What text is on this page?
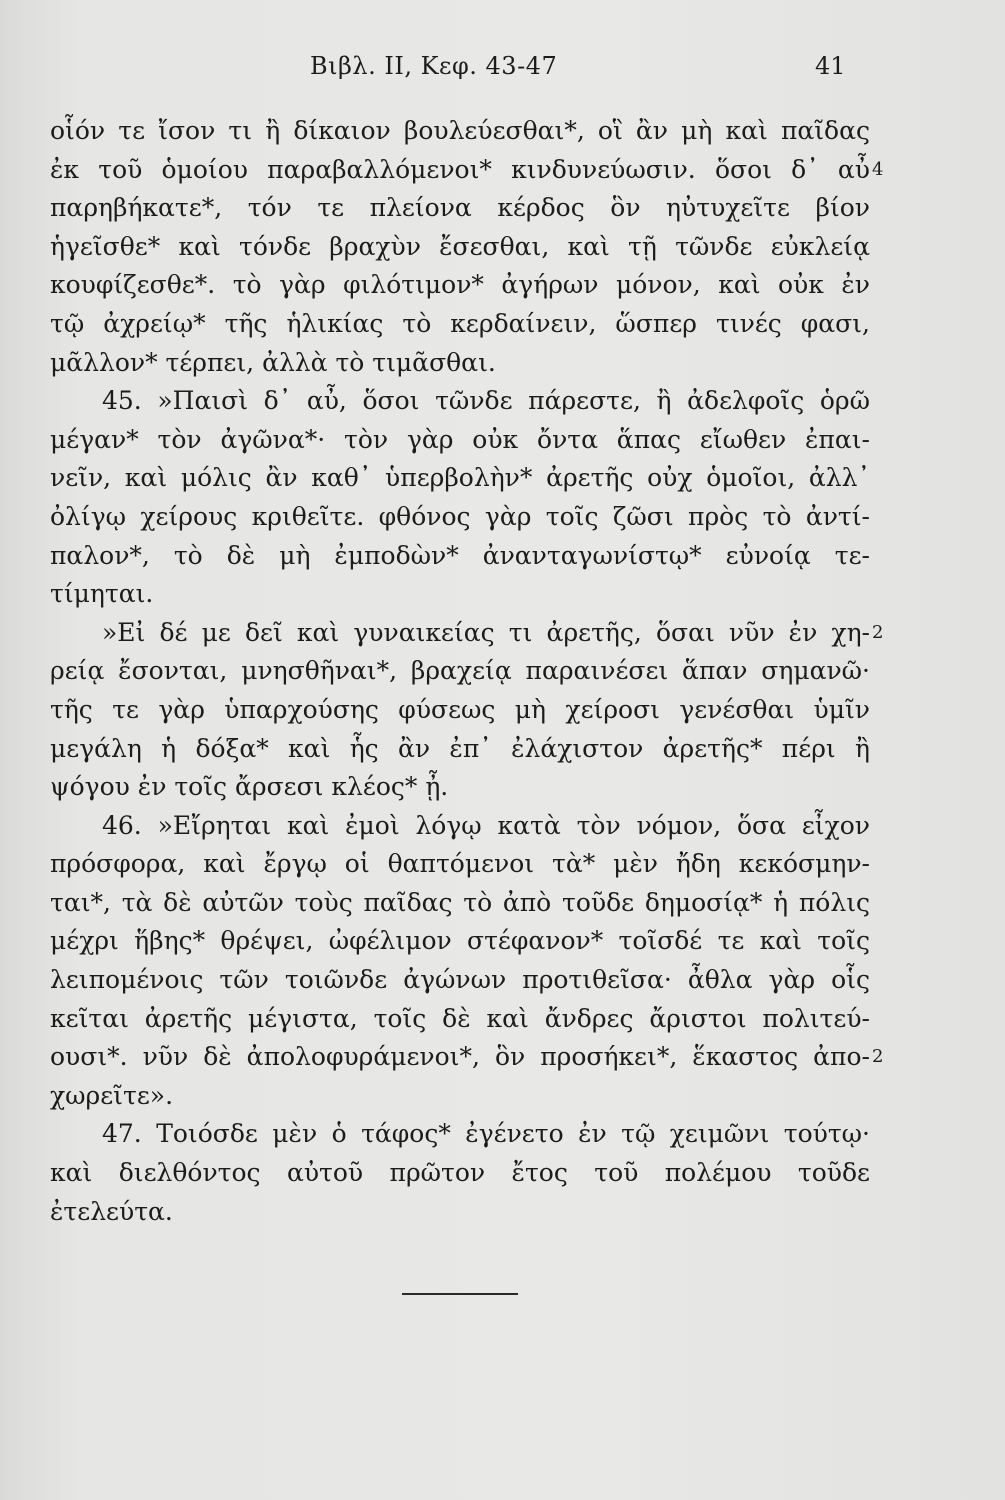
Βιβλ. II, Κεφ. 43-47	41
οἷόν τε ἴσον τι ἢ δίκαιον βουλεύεσθαι*, οἳ ἂν μὴ καὶ παῖδας
ἐκ τοῦ ὁμοίου παραβαλλόμενοι* κινδυνεύωσιν. ὅσοι δ᾽ αὖ 4
παρηβήκατε*, τόν τε πλείονα κέρδος ὃν ηὐτυχεῖτε βίον
ἡγεῖσθε* καὶ τόνδε βραχὺν ἔσεσθαι, καὶ τῇ τῶνδε εὐκλείᾳ
κουφίζεσθε*. τὸ γὰρ φιλότιμον* ἀγήρων μόνον, καὶ οὐκ ἐν
τῷ ἀχρείῳ* τῆς ἡλικίας τὸ κερδαίνειν, ὥσπερ τινές φασι,
μᾶλλον* τέρπει, ἀλλὰ τὸ τιμᾶσθαι.
45. »Παισὶ δ᾽ αὖ, ὅσοι τῶνδε πάρεστε, ἢ ἀδελφοῖς ὁρῶ
μέγαν* τὸν ἀγῶνα*· τὸν γὰρ οὐκ ὄντα ἅπας εἴωθεν ἐπαι-
νεῖν, καὶ μόλις ἂν καθ᾽ ὑπερβολὴν* ἀρετῆς οὐχ ὁμοῖοι, ἀλλ᾽
ὀλίγῳ χείρους κριθεῖτε. φθόνος γὰρ τοῖς ζῶσι πρὸς τὸ ἀντί-
παλον*, τὸ δὲ μὴ ἐμποδὼν* ἀνανταγωνίστῳ* εὐνοίᾳ τε-
τίμηται.
»Εἰ δέ με δεῖ καὶ γυναικείας τι ἀρετῆς, ὅσαι νῦν ἐν χη- 2
ρείᾳ ἔσονται, μνησθῆναι*, βραχείᾳ παραινέσει ἅπαν σημανῶ·
τῆς τε γὰρ ὑπαρχούσης φύσεως μὴ χείροσι γενέσθαι ὑμῖν
μεγάλη ἡ δόξα* καὶ ἧς ἂν ἐπ᾽ ἐλάχιστον ἀρετῆς* πέρι ἢ
ψόγου ἐν τοῖς ἄρσεσι κλέος* ᾖ.
46. »Εἴρηται καὶ ἐμοὶ λόγῳ κατὰ τὸν νόμον, ὅσα εἶχον
πρόσφορα, καὶ ἔργῳ οἱ θαπτόμενοι τὰ* μὲν ἤδη κεκόσμην-
ται*, τὰ δὲ αὐτῶν τοὺς παῖδας τὸ ἀπὸ τοῦδε δημοσίᾳ* ἡ πόλις
μέχρι ἥβης* θρέψει, ὠφέλιμον στέφανον* τοῖσδέ τε καὶ τοῖς
λειπομένοις τῶν τοιῶνδε ἀγώνων προτιθεῖσα· ἆθλα γὰρ οἷς
κεῖται ἀρετῆς μέγιστα, τοῖς δὲ καὶ ἄνδρες ἄριστοι πολιτεύ-
ουσι*. νῦν δὲ ἀπολοφυράμενοι*, ὃν προσήκει*, ἕκαστος ἀπο- 2
χωρεῖτε».
47. Τοιόσδε μὲν ὁ τάφος* ἐγένετο ἐν τῷ χειμῶνι τούτῳ·
καὶ διελθόντος αὐτοῦ πρῶτον ἔτος τοῦ πολέμου τοῦδε
ἐτελεύτα.
